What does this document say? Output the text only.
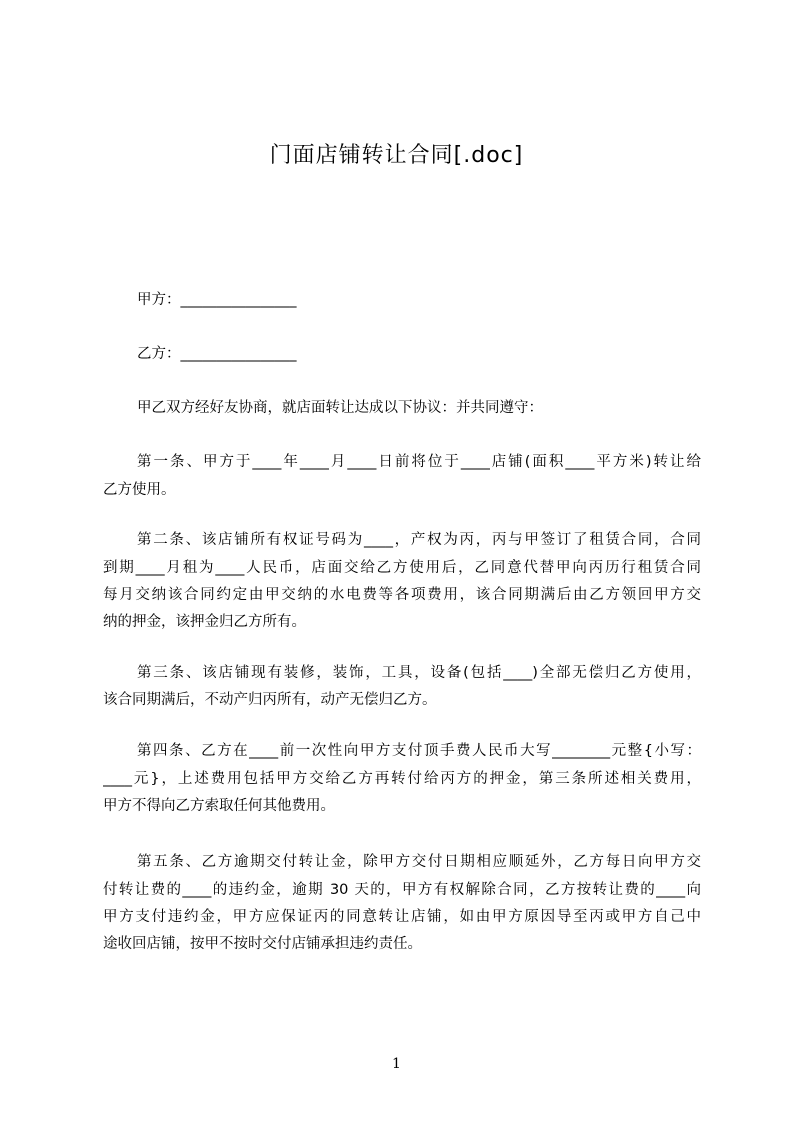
门面店铺转让合同[.doc]
甲方：________________
乙方：________________
甲乙双方经好友协商，就店面转让达成以下协议：并共同遵守：
第一条、甲方于____年____月____日前将位于____店铺(面积____平方米)转让给
乙方使用。
第二条、该店铺所有权证号码为____，产权为丙，丙与甲签订了租赁合同，合同
到期____月租为____人民币，店面交给乙方使用后，乙同意代替甲向丙历行租赁合同
每月交纳该合同约定由甲交纳的水电费等各项费用，该合同期满后由乙方领回甲方交
纳的押金，该押金归乙方所有。
第三条、该店铺现有装修，装饰，工具，设备(包括____)全部无偿归乙方使用，
该合同期满后，不动产归丙所有，动产无偿归乙方。
第四条、乙方在____前一次性向甲方支付顶手费人民币大写________元整{小写：
____元}，上述费用包括甲方交给乙方再转付给丙方的押金，第三条所述相关费用，
甲方不得向乙方索取任何其他费用。
第五条、乙方逾期交付转让金，除甲方交付日期相应顺延外，乙方每日向甲方交
付转让费的____的违约金，逾期 30 天的，甲方有权解除合同，乙方按转让费的____向
甲方支付违约金，甲方应保证丙的同意转让店铺，如由甲方原因导至丙或甲方自己中
途收回店铺，按甲不按时交付店铺承担违约责任。
1
